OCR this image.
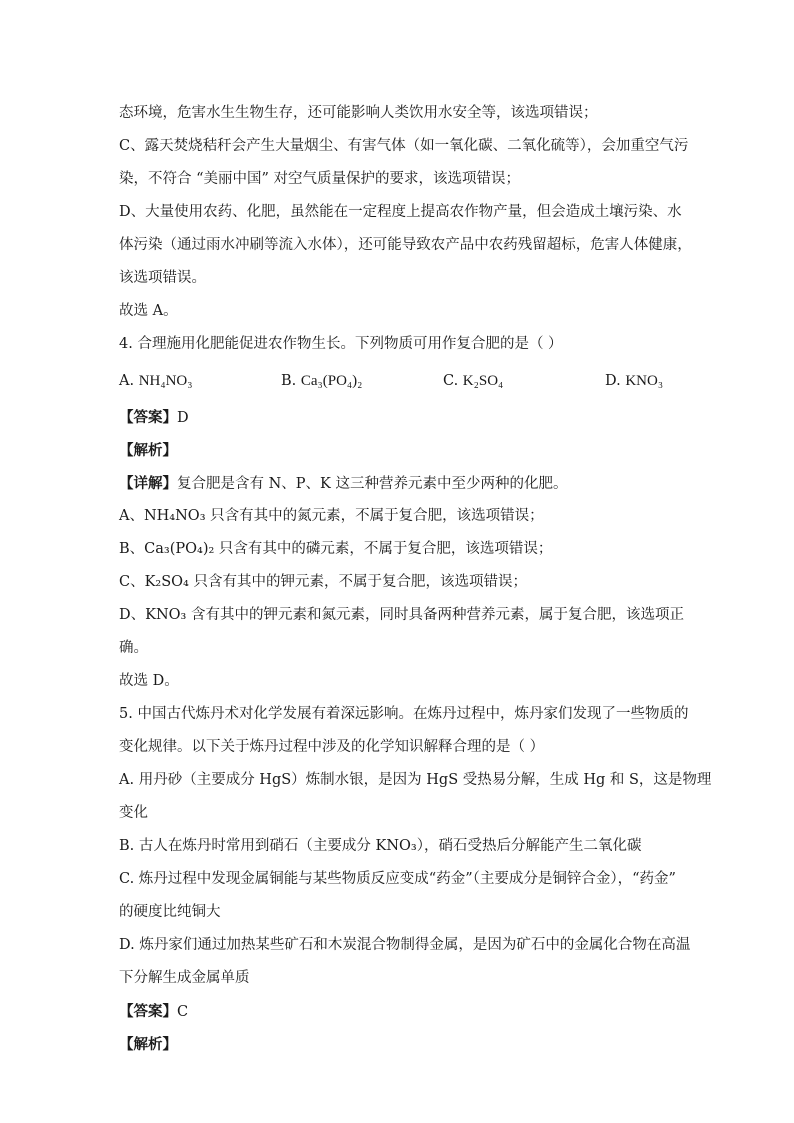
态环境，危害水生生物生存，还可能影响人类饮用水安全等，该选项错误；
C、露天焚烧秸秆会产生大量烟尘、有害气体（如一氧化碳、二氧化硫等），会加重空气污
染，不符合 “美丽中国” 对空气质量保护的要求，该选项错误；
D、大量使用农药、化肥，虽然能在一定程度上提高农作物产量，但会造成土壤污染、水
体污染（通过雨水冲刷等流入水体），还可能导致农产品中农药残留超标，危害人体健康，
该选项错误。
故选 A。
4. 合理施用化肥能促进农作物生长。下列物质可用作复合肥的是（ ）
A. NH₄NO₃	B. Ca₃(PO₄)₂	C. K₂SO₄	D. KNO₃
【答案】D
【解析】
【详解】复合肥是含有 N、P、K 这三种营养元素中至少两种的化肥。
A、NH₄NO₃ 只含有其中的氮元素，不属于复合肥，该选项错误；
B、Ca₃(PO₄)₂ 只含有其中的磷元素，不属于复合肥，该选项错误；
C、K₂SO₄ 只含有其中的钾元素，不属于复合肥，该选项错误；
D、KNO₃ 含有其中的钾元素和氮元素，同时具备两种营养元素，属于复合肥，该选项正
确。
故选 D。
5. 中国古代炼丹术对化学发展有着深远影响。在炼丹过程中，炼丹家们发现了一些物质的
变化规律。以下关于炼丹过程中涉及的化学知识解释合理的是（ ）
A. 用丹砂（主要成分 HgS）炼制水银，是因为 HgS 受热易分解，生成 Hg 和 S，这是物理
变化
B. 古人在炼丹时常用到硝石（主要成分 KNO₃），硝石受热后分解能产生二氧化碳
C. 炼丹过程中发现金属铜能与某些物质反应变成“药金”（主要成分是铜锌合金），“药金”
的硬度比纯铜大
D. 炼丹家们通过加热某些矿石和木炭混合物制得金属，是因为矿石中的金属化合物在高温
下分解生成金属单质
【答案】C
【解析】
